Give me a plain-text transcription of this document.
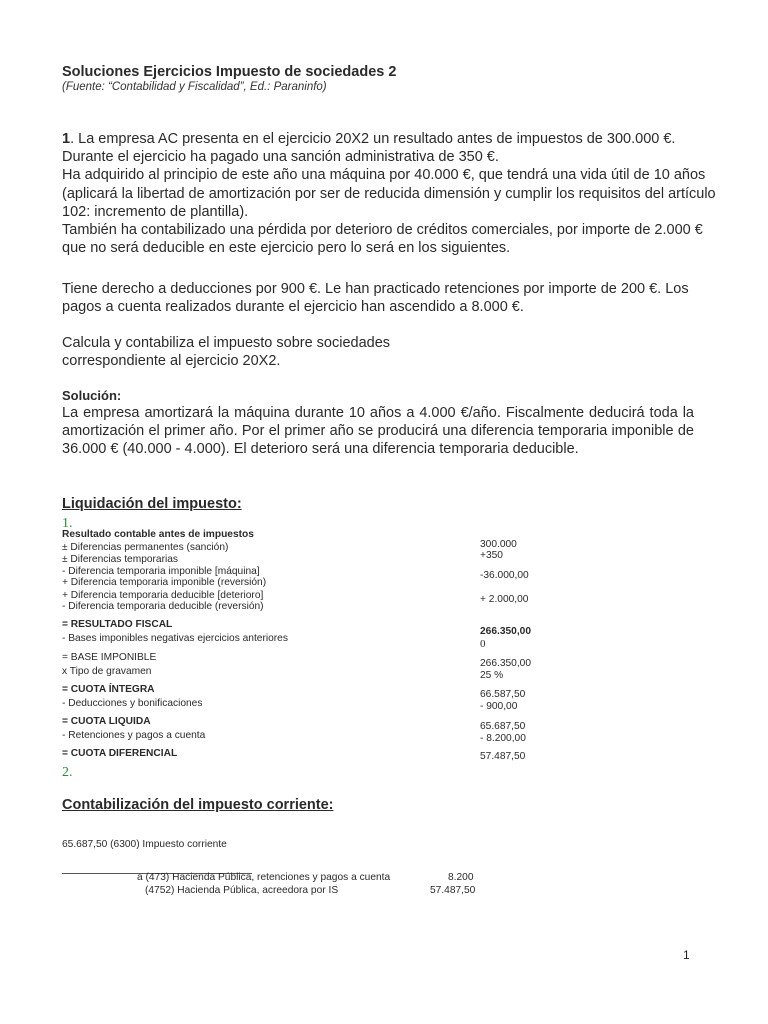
Soluciones Ejercicios Impuesto de sociedades 2
(Fuente: “Contabilidad y Fiscalidad”, Ed.: Paraninfo)

1. La empresa AC presenta en el ejercicio 20X2 un resultado antes de impuestos de 300.000 €.

Durante el ejercicio ha pagado una sanción administrativa de 350 €.

Ha adquirido al principio de este año una máquina por 40.000 €, que tendrá una vida útil de 10 años

(aplicará la libertad de amortización por ser de reducida dimensión y cumplir los requisitos del artículo

102: incremento de plantilla).

También ha contabilizado una pérdida por deterioro de créditos comerciales, por importe de 2.000 €

que no será deducible en este ejercicio pero lo será en los siguientes.

Tiene derecho a deducciones por 900 €. Le han practicado retenciones por importe de 200 €. Los

pagos a cuenta realizados durante el ejercicio han ascendido a 8.000 €.

Calcula y contabiliza el impuesto sobre sociedades

correspondiente al ejercicio 20X2.

Solución:

La empresa amortizará la máquina durante 10 años a 4.000 €/año. Fiscalmente deducirá toda la

amortización el primer año. Por el primer año se producirá una diferencia temporaria imponible de

36.000 € (40.000 - 4.000). El deterioro será una diferencia temporaria deducible.

Liquidación del impuesto:
1.
Resultado contable antes de impuestos
± Diferencias permanentes (sanción)
± Diferencias temporarias
- Diferencia temporaria imponible [máquina]
+ Diferencia temporaria imponible (reversión)
+ Diferencia temporaria deducible [deterioro]
- Diferencia temporaria deducible (reversión)
= RESULTADO FISCAL
- Bases imponibles negativas ejercicios anteriores
= BASE IMPONIBLE
x Tipo de gravamen
= CUOTA ÍNTEGRA
- Deducciones y bonificaciones
= CUOTA LIQUIDA
- Retenciones y pagos a cuenta
= CUOTA DIFERENCIAL
300.000
+350
-36.000,00
+ 2.000,00
266.350,00
0
266.350,00
25 %
66.587,50
- 900,00
65.687,50
- 8.200,00
57.487,50
2.
Contabilización del impuesto corriente:
65.687,50 (6300) Impuesto corriente
a (473) Hacienda Pública, retenciones y pagos a cuenta	8.200
(4752) Hacienda Pública, acreedora por IS	57.487,50
1
